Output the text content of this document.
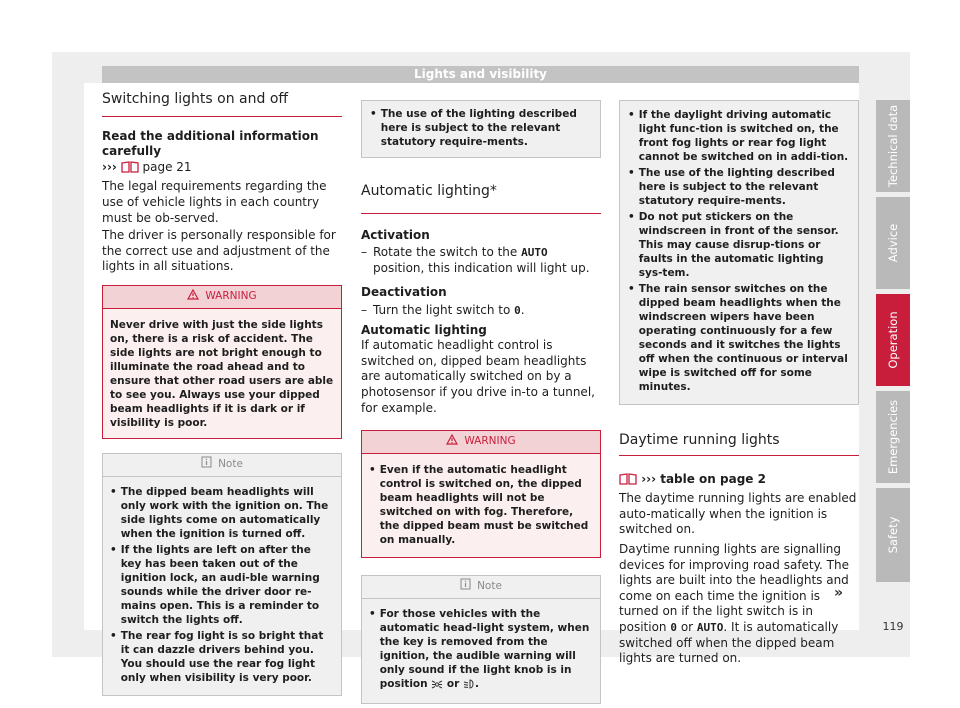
Lights and visibility
Switching lights on and off

Read the additional information carefully

››› page 21

The legal requirements regarding the use of vehicle lights in each country must be ob-served.

The driver is personally responsible for the correct use and adjustment of the lights in all situations.

WARNING
Never drive with just the side lights on, there is a risk of accident. The side lights are not bright enough to illuminate the road ahead and to ensure that other road users are able to see you. Always use your dipped beam headlights if it is dark or if visibility is poor.
Note
• The dipped beam headlights will only work with the ignition on. The side lights come on automatically when the ignition is turned off.
• If the lights are left on after the key has been taken out of the ignition lock, an audi-ble warning sounds while the driver door re-mains open. This is a reminder to switch the lights off.
• The rear fog light is so bright that it can dazzle drivers behind you. You should use the rear fog light only when visibility is very poor.
• The use of the lighting described here is subject to the relevant statutory require-ments.
Automatic lighting*

Activation

– Rotate the switch to the AUTO position, this indication will light up.

Deactivation

– Turn the light switch to 0.

Automatic lighting

If automatic headlight control is switched on, dipped beam headlights are automatically switched on by a photosensor if you drive in-to a tunnel, for example.

WARNING
• Even if the automatic headlight control is switched on, the dipped beam headlights will not be switched on with fog. Therefore, the dipped beam must be switched on manually.
Note
• For those vehicles with the automatic head-light system, when the key is removed from the ignition, the audible warning will only sound if the light knob is in position or .
• If the daylight driving automatic light func-tion is switched on, the front fog lights or rear fog light cannot be switched on in addi-tion.
• The use of the lighting described here is subject to the relevant statutory require-ments.
• Do not put stickers on the windscreen in front of the sensor. This may cause disrup-tions or faults in the automatic lighting sys-tem.
• The rain sensor switches on the dipped beam headlights when the windscreen wipers have been operating continuously for a few seconds and it switches the lights off when the continuous or interval wipe is switched off for some minutes.
Daytime running lights

››› table on page 2

The daytime running lights are enabled auto-matically when the ignition is switched on.

Daytime running lights are signalling devices for improving road safety. The lights are built into the headlights and come on each time the ignition is turned on if the light switch is in position 0 or AUTO. It is automatically switched off when the dipped beam lights are turned on.

»
Technical data
Advice
Operation
Emergencies
Safety
119
